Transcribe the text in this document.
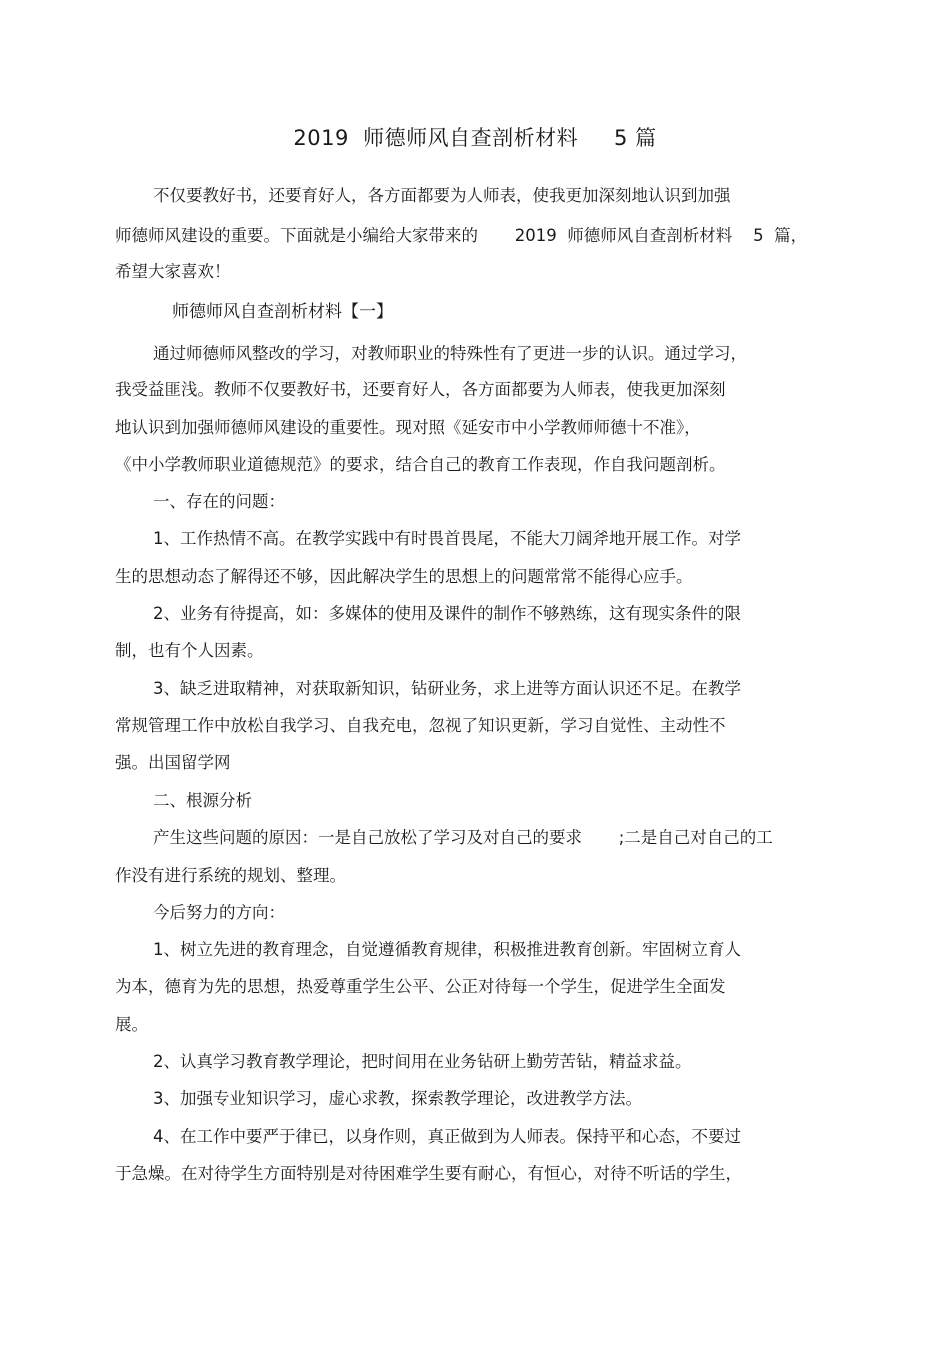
2019  师德师风自查剖析材料     5 篇
不仅要教好书，还要育好人，各方面都要为人师表，使我更加深刻地认识到加强
师德师风建设的重要。下面就是小编给大家带来的       2019  师德师风自查剖析材料    5  篇，
希望大家喜欢！
师德师风自查剖析材料【一】
通过师德师风整改的学习，对教师职业的特殊性有了更进一步的认识。通过学习，
我受益匪浅。教师不仅要教好书，还要育好人，各方面都要为人师表，使我更加深刻
地认识到加强师德师风建设的重要性。现对照《延安市中小学教师师德十不准》，
《中小学教师职业道德规范》的要求，结合自己的教育工作表现，作自我问题剖析。
一、存在的问题：
1、工作热情不高。在教学实践中有时畏首畏尾，不能大刀阔斧地开展工作。对学
生的思想动态了解得还不够，因此解决学生的思想上的问题常常不能得心应手。
2、业务有待提高，如：多媒体的使用及课件的制作不够熟练，这有现实条件的限
制，也有个人因素。
3、缺乏进取精神，对获取新知识，钻研业务，求上进等方面认识还不足。在教学
常规管理工作中放松自我学习、自我充电，忽视了知识更新，学习自觉性、主动性不
强。出国留学网
二、根源分析
产生这些问题的原因：一是自己放松了学习及对自己的要求       ;二是自己对自己的工
作没有进行系统的规划、整理。
今后努力的方向：
1、树立先进的教育理念，自觉遵循教育规律，积极推进教育创新。牢固树立育人
为本，德育为先的思想，热爱尊重学生公平、公正对待每一个学生，促进学生全面发
展。
2、认真学习教育教学理论，把时间用在业务钻研上勤劳苦钻，精益求益。
3、加强专业知识学习，虚心求教，探索教学理论，改进教学方法。
4、在工作中要严于律已，以身作则，真正做到为人师表。保持平和心态，不要过
于急燥。在对待学生方面特别是对待困难学生要有耐心，有恒心，对待不听话的学生，
